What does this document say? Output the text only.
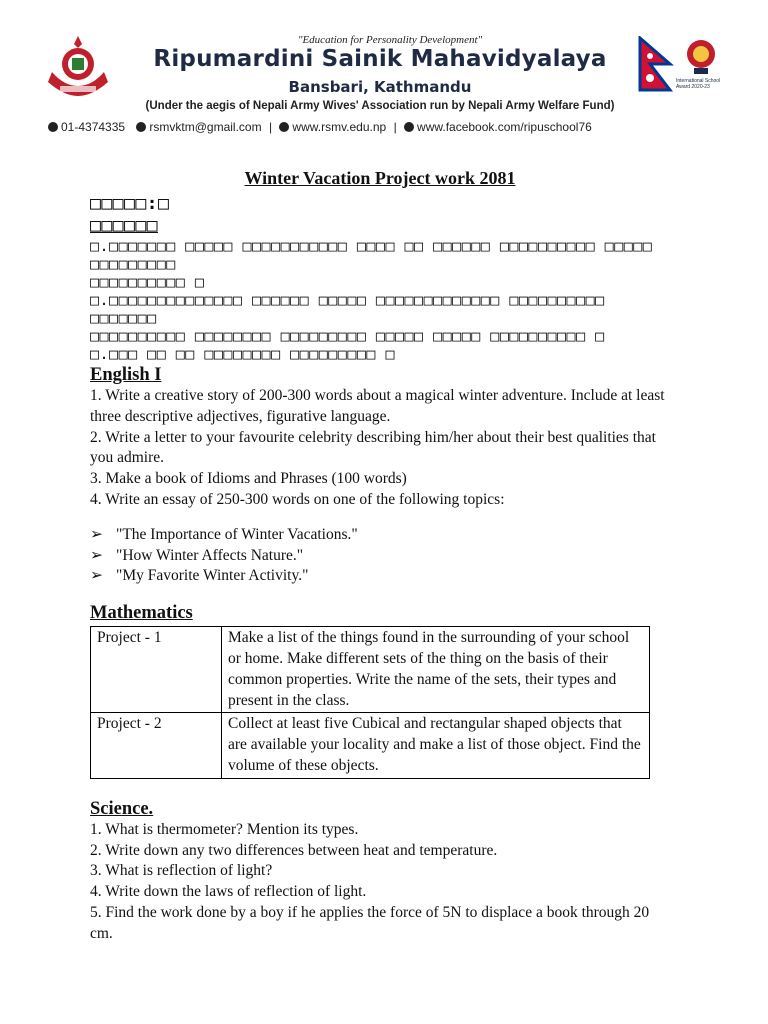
"Education for Personality Development"
Ripumardini Sainik Mahavidyalaya
Bansbari, Kathmandu
(Under the aegis of Nepali Army Wives' Association run by Nepali Army Welfare Fund)
International School Award 2020-23
01-4374335 rsmvktm@gmail.com | www.rsmv.edu.np | www.facebook.com/ripuschool76
Winter Vacation Project work 2081
□□□□□:□
□□□□□□
□.□□□□□□□ □□□□□ □□□□□□□□□□□ □□□□ □□ □□□□□□ □□□□□□□□□□ □□□□□ □□□□□□□□□
□□□□□□□□□□ □
□.□□□□□□□□□□□□□□ □□□□□□ □□□□□ □□□□□□□□□□□□□ □□□□□□□□□□ □□□□□□□
□□□□□□□□□□ □□□□□□□□ □□□□□□□□□ □□□□□ □□□□□ □□□□□□□□□□ □
□.□□□ □□ □□ □□□□□□□□ □□□□□□□□□ □
English I

1. Write a creative story of 200-300 words about a magical winter adventure. Include at least three descriptive adjectives, figurative language.

2. Write a letter to your favourite celebrity describing him/her about their best qualities that you admire.

3. Make a book of Idioms and Phrases (100 words)

4. Write an essay of 250-300 words on one of the following topics:

➢ "The Importance of Winter Vacations."
➢ "How Winter Affects Nature."
➢ "My Favorite Winter Activity."
Mathematics
Project - 1	Make a list of the things found in the surrounding of your school or home. Make different sets of the thing on the basis of their common properties. Write the name of the sets, their types and present in the class.
Project - 2	Collect at least five Cubical and rectangular shaped objects that are available your locality and make a list of those object. Find the volume of these objects.
Science.

1. What is thermometer? Mention its types.

2. Write down any two differences between heat and temperature.

3. What is reflection of light?

4. Write down the laws of reflection of light.

5. Find the work done by a boy if he applies the force of 5N to displace a book through 20 cm.
